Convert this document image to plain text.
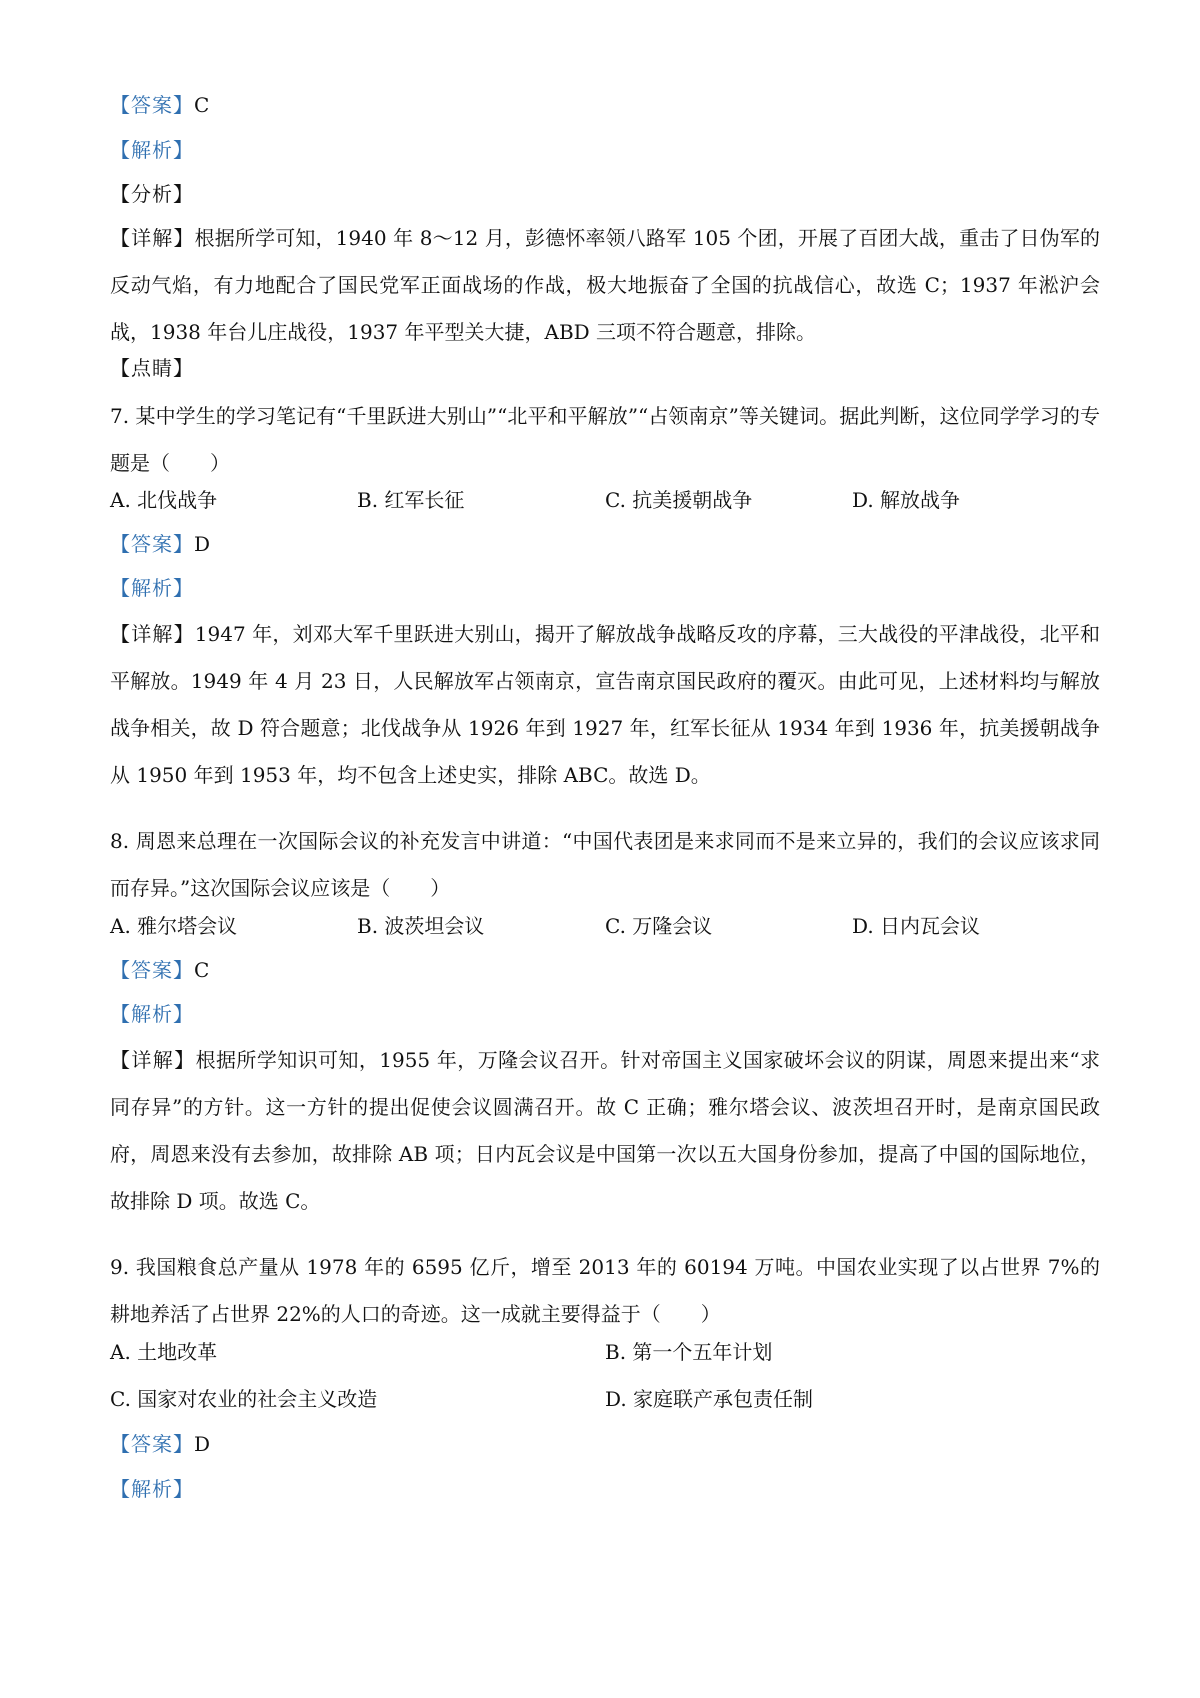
【答案】C
【解析】
【分析】
【详解】根据所学可知，1940 年 8～12 月，彭德怀率领八路军 105 个团，开展了百团大战，重击了日伪军的反动气焰，有力地配合了国民党军正面战场的作战，极大地振奋了全国的抗战信心，故选 C；1937 年淞沪会战，1938 年台儿庄战役，1937 年平型关大捷，ABD 三项不符合题意，排除。
【点睛】
7. 某中学生的学习笔记有“千里跃进大别山”“北平和平解放”“占领南京”等关键词。据此判断，这位同学学习的专题是（　　）
A. 北伐战争	B. 红军长征	C. 抗美援朝战争	D. 解放战争
【答案】D
【解析】
【详解】1947 年，刘邓大军千里跃进大别山，揭开了解放战争战略反攻的序幕，三大战役的平津战役，北平和平解放。1949 年 4 月 23 日，人民解放军占领南京，宣告南京国民政府的覆灭。由此可见，上述材料均与解放战争相关，故 D 符合题意；北伐战争从 1926 年到 1927 年，红军长征从 1934 年到 1936 年，抗美援朝战争从 1950 年到 1953 年，均不包含上述史实，排除 ABC。故选 D。
8. 周恩来总理在一次国际会议的补充发言中讲道：“中国代表团是来求同而不是来立异的，我们的会议应该求同而存异。”这次国际会议应该是（　　）
A. 雅尔塔会议	B. 波茨坦会议	C. 万隆会议	D. 日内瓦会议
【答案】C
【解析】
【详解】根据所学知识可知，1955 年，万隆会议召开。针对帝国主义国家破坏会议的阴谋，周恩来提出来“求同存异”的方针。这一方针的提出促使会议圆满召开。故 C 正确；雅尔塔会议、波茨坦召开时，是南京国民政府，周恩来没有去参加，故排除 AB 项；日内瓦会议是中国第一次以五大国身份参加，提高了中国的国际地位，故排除 D 项。故选 C。
9. 我国粮食总产量从 1978 年的 6595 亿斤，增至 2013 年的 60194 万吨。中国农业实现了以占世界 7%的耕地养活了占世界 22%的人口的奇迹。这一成就主要得益于（　　）
A. 土地改革	B. 第一个五年计划
C. 国家对农业的社会主义改造	D. 家庭联产承包责任制
【答案】D
【解析】
